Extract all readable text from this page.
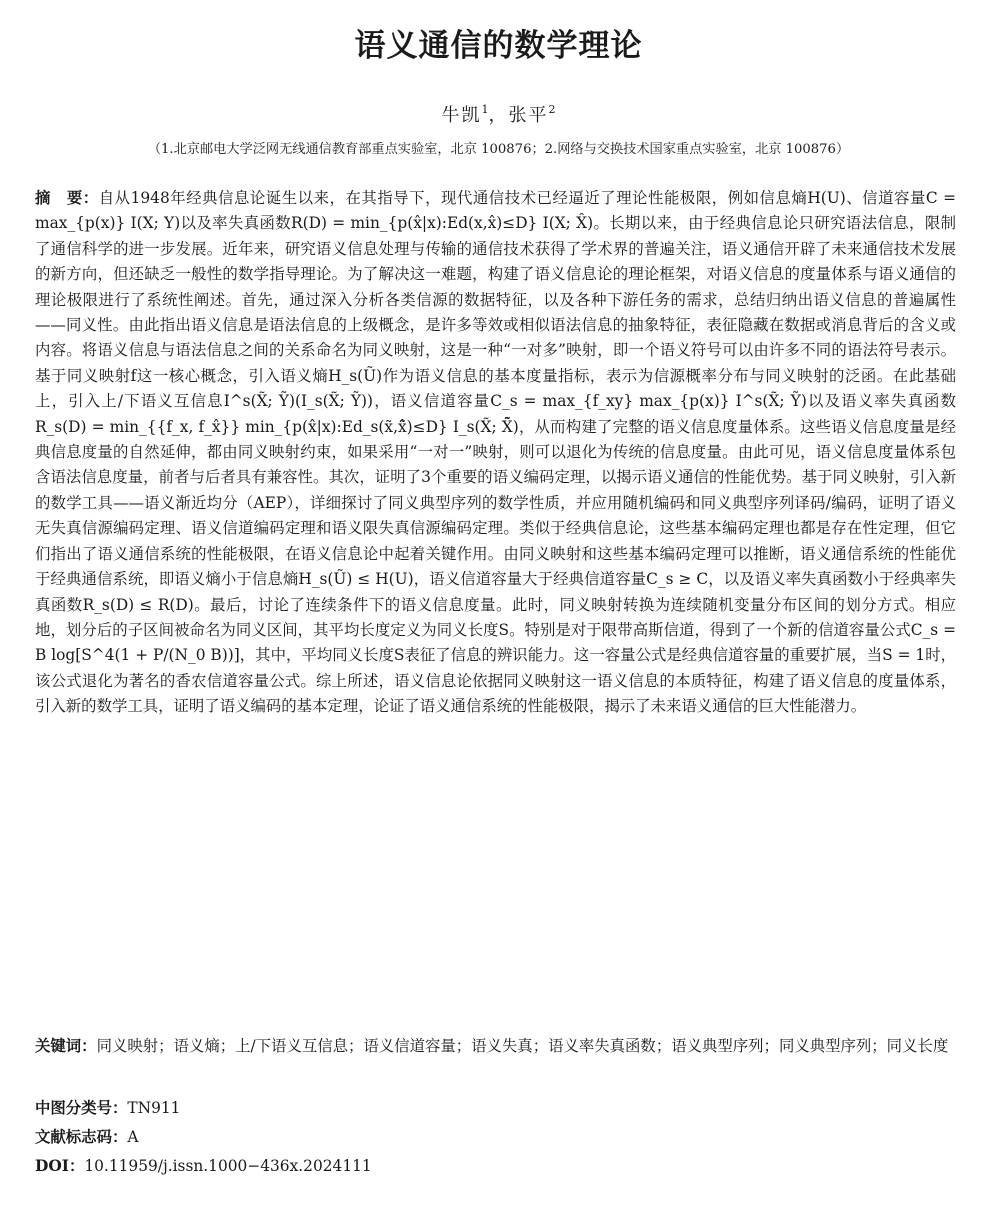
语义通信的数学理论
牛凯$^1$，张平$^2$
（1.北京邮电大学泛网无线通信教育部重点实验室，北京 100876；2.网络与交换技术国家重点实验室，北京 100876）

摘　要：自从1948年经典信息论诞生以来，在其指导下，现代通信技术已经逼近了理论性能极限，例如信息熵H(U)、信道容量C = max_{p(x)} I(X; Y)以及率失真函数R(D) = min_{p(x̂|x):Ed(x,x̂)≤D} I(X; X̂)。长期以来，由于经典信息论只研究语法信息，限制了通信科学的进一步发展。近年来，研究语义信息处理与传输的通信技术获得了学术界的普遍关注，语义通信开辟了未来通信技术发展的新方向，但还缺乏一般性的数学指导理论。为了解决这一难题，构建了语义信息论的理论框架，对语义信息的度量体系与语义通信的理论极限进行了系统性阐述。首先，通过深入分析各类信源的数据特征，以及各种下游任务的需求，总结归纳出语义信息的普遍属性——同义性。由此指出语义信息是语法信息的上级概念，是许多等效或相似语法信息的抽象特征，表征隐藏在数据或消息背后的含义或内容。将语义信息与语法信息之间的关系命名为同义映射，这是一种“一对多”映射，即一个语义符号可以由许多不同的语法符号表示。基于同义映射f这一核心概念，引入语义熵H_s(Ũ)作为语义信息的基本度量指标，表示为信源概率分布与同义映射的泛函。在此基础上，引入上/下语义互信息I^s(X̃; Ỹ)(I_s(X̃; Ỹ))，语义信道容量C_s = max_{f_xy} max_{p(x)} I^s(X̃; Ỹ)以及语义率失真函数R_s(D) = min_{{f_x, f_x̂}} min_{p(x̂|x):Ed_s(x̃,x̂̃)≤D} I_s(X̃; X̂̃)，从而构建了完整的语义信息度量体系。这些语义信息度量是经典信息度量的自然延伸，都由同义映射约束，如果采用“一对一”映射，则可以退化为传统的信息度量。由此可见，语义信息度量体系包含语法信息度量，前者与后者具有兼容性。其次，证明了3个重要的语义编码定理，以揭示语义通信的性能优势。基于同义映射，引入新的数学工具——语义渐近均分（AEP），详细探讨了同义典型序列的数学性质，并应用随机编码和同义典型序列译码/编码，证明了语义无失真信源编码定理、语义信道编码定理和语义限失真信源编码定理。类似于经典信息论，这些基本编码定理也都是存在性定理，但它们指出了语义通信系统的性能极限，在语义信息论中起着关键作用。由同义映射和这些基本编码定理可以推断，语义通信系统的性能优于经典通信系统，即语义熵小于信息熵H_s(Ũ) ≤ H(U)，语义信道容量大于经典信道容量C_s ≥ C，以及语义率失真函数小于经典率失真函数R_s(D) ≤ R(D)。最后，讨论了连续条件下的语义信息度量。此时，同义映射转换为连续随机变量分布区间的划分方式。相应地，划分后的子区间被命名为同义区间，其平均长度定义为同义长度S。特别是对于限带高斯信道，得到了一个新的信道容量公式C_s = B log[S^4(1 + P/(N_0 B))]，其中，平均同义长度S表征了信息的辨识能力。这一容量公式是经典信道容量的重要扩展，当S = 1时，该公式退化为著名的香农信道容量公式。综上所述，语义信息论依据同义映射这一语义信息的本质特征，构建了语义信息的度量体系，引入新的数学工具，证明了语义编码的基本定理，论证了语义通信系统的性能极限，揭示了未来语义通信的巨大性能潜力。

关键词：同义映射；语义熵；上/下语义互信息；语义信道容量；语义失真；语义率失真函数；语义典型序列；同义典型序列；同义长度
中图分类号：TN911
文献标志码：A
DOI：10.11959/j.issn.1000−436x.2024111
